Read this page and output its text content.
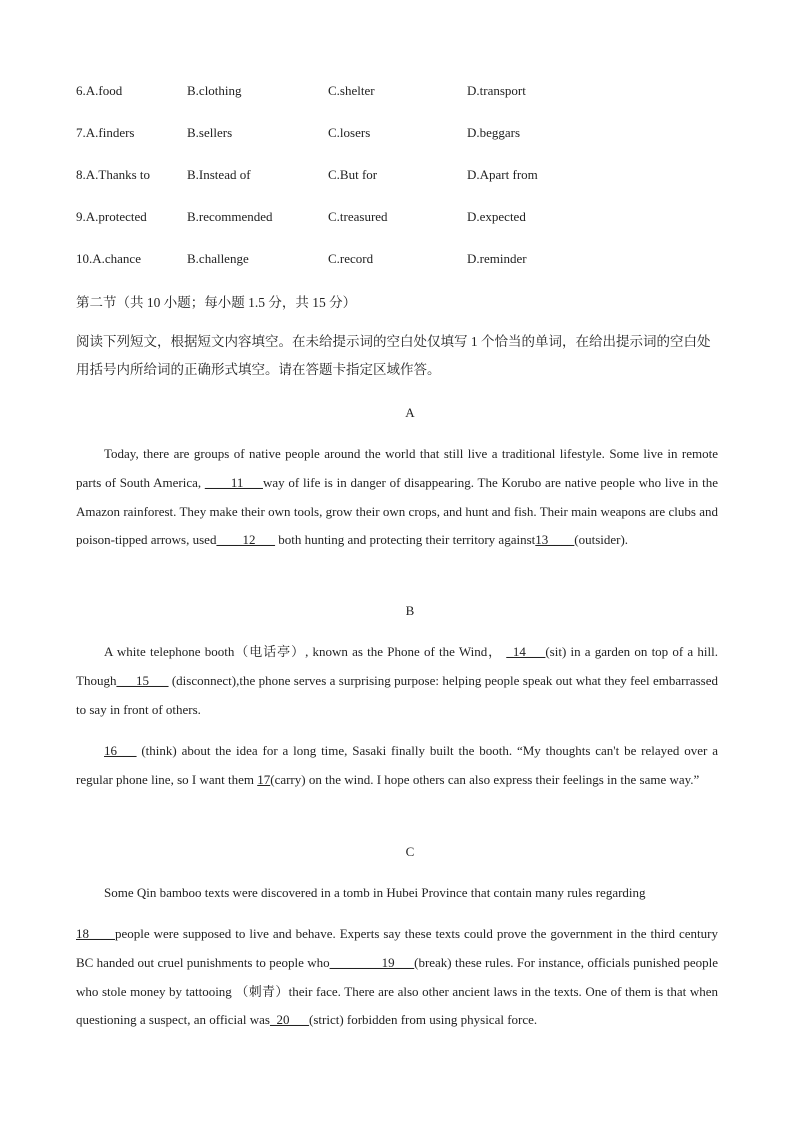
6.A.food	B.clothing	C.shelter	D.transport
7.A.finders	B.sellers	C.losers	D.beggars
8.A.Thanks to	B.Instead of	C.But for	D.Apart from
9.A.protected	B.recommended	C.treasured	D.expected
10.A.chance	B.challenge	C.record	D.reminder
第二节（共 10 小题；每小题 1.5 分，共 15 分）
阅读下列短文，根据短文内容填空。在未给提示词的空白处仅填写 1 个恰当的单词，在给出提示词的空白处用括号内所给词的正确形式填空。请在答题卡指定区域作答。
A
Today, there are groups of native people around the world that still live a traditional lifestyle. Some live in remote parts of South America, ____11___way of life is in danger of disappearing. The Korubo are native people who live in the Amazon rainforest. They make their own tools, grow their own crops, and hunt and fish. Their main weapons are clubs and poison-tipped arrows, used____12___ both hunting and protecting their territory against13____(outsider).
B
A white telephone booth（电话亭）, known as the Phone of the Wind， _14___(sit) in a garden on top of a hill. Though___15___ (disconnect),the phone serves a surprising purpose: helping people speak out what they feel embarrassed to say in front of others.
16___ (think) about the idea for a long time, Sasaki finally built the booth. “My thoughts can't be relayed over a regular phone line, so I want them 17(carry) on the wind. I hope others can also express their feelings in the same way.”
C
Some Qin bamboo texts were discovered in a tomb in Hubei Province that contain many rules regarding
18____people were supposed to live and behave. Experts say these texts could prove the government in the third century BC handed out cruel punishments to people who________19___(break) these rules. For instance, officials punished people who stole money by tattooing （刺青）their face. There are also other ancient laws in the texts. One of them is that when questioning a suspect, an official was_20___(strict) forbidden from using physical force.
